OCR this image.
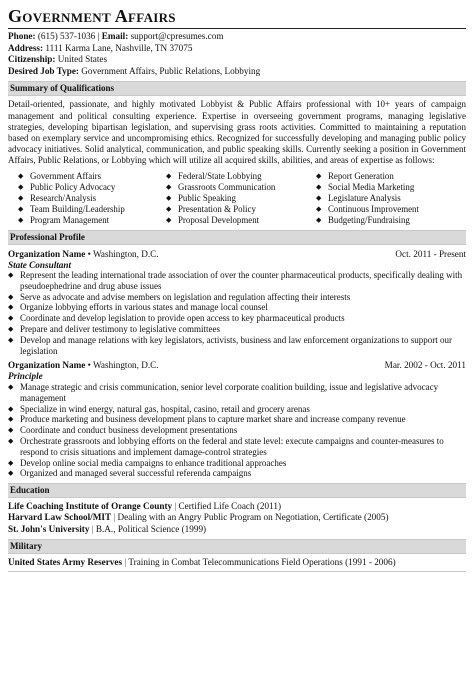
Government Affairs
Phone: (615) 537-1036 | Email: support@cpresumes.com
Address: 1111 Karma Lane, Nashville, TN 37075
Citizenship: United States
Desired Job Type: Government Affairs, Public Relations, Lobbying
Summary of Qualifications
Detail-oriented, passionate, and highly motivated Lobbyist & Public Affairs professional with 10+ years of campaign management and political consulting experience. Expertise in overseeing government programs, managing legislative strategies, developing bipartisan legislation, and supervising grass roots activities. Committed to maintaining a reputation based on exemplary service and uncompromising ethics. Recognized for successfully developing and managing public policy advocacy initiatives. Solid analytical, communication, and public speaking skills. Currently seeking a position in Government Affairs, Public Relations, or Lobbying which will utilize all acquired skills, abilities, and areas of expertise as follows:
◆ Government Affairs
◆ Public Policy Advocacy
◆ Research/Analysis
◆ Team Building/Leadership
◆ Program Management
◆ Federal/State Lobbying
◆ Grassroots Communication
◆ Public Speaking
◆ Presentation & Policy
◆ Proposal Development
◆ Report Generation
◆ Social Media Marketing
◆ Legislature Analysis
◆ Continuous Improvement
◆ Budgeting/Fundraising
Professional Profile
Organization Name • Washington, D.C.	Oct. 2011 - Present
State Consultant
◆ Represent the leading international trade association of over the counter pharmaceutical products, specifically dealing with pseudoephedrine and drug abuse issues
◆ Serve as advocate and advise members on legislation and regulation affecting their interests
◆ Organize lobbying efforts in various states and manage local counsel
◆ Coordinate and develop legislation to provide open access to key pharmaceutical products
◆ Prepare and deliver testimony to legislative committees
◆ Develop and manage relations with key legislators, activists, business and law enforcement organizations to support our legislation
Organization Name • Washington, D.C.	Mar. 2002 - Oct. 2011
Principle
◆ Manage strategic and crisis communication, senior level corporate coalition building, issue and legislative advocacy management
◆ Specialize in wind energy, natural gas, hospital, casino, retail and grocery arenas
◆ Produce marketing and business development plans to capture market share and increase company revenue
◆ Coordinate and conduct business development presentations
◆ Orchestrate grassroots and lobbying efforts on the federal and state level: execute campaigns and counter-measures to respond to crisis situations and implement damage-control strategies
◆ Develop online social media campaigns to enhance traditional approaches
◆ Organized and managed several successful referenda campaigns
Education
Life Coaching Institute of Orange County | Certified Life Coach (2011)
Harvard Law School/MIT | Dealing with an Angry Public Program on Negotiation, Certificate (2005)
St. John's University | B.A., Political Science (1999)
Military
United States Army Reserves | Training in Combat Telecommunications Field Operations (1991 - 2006)
